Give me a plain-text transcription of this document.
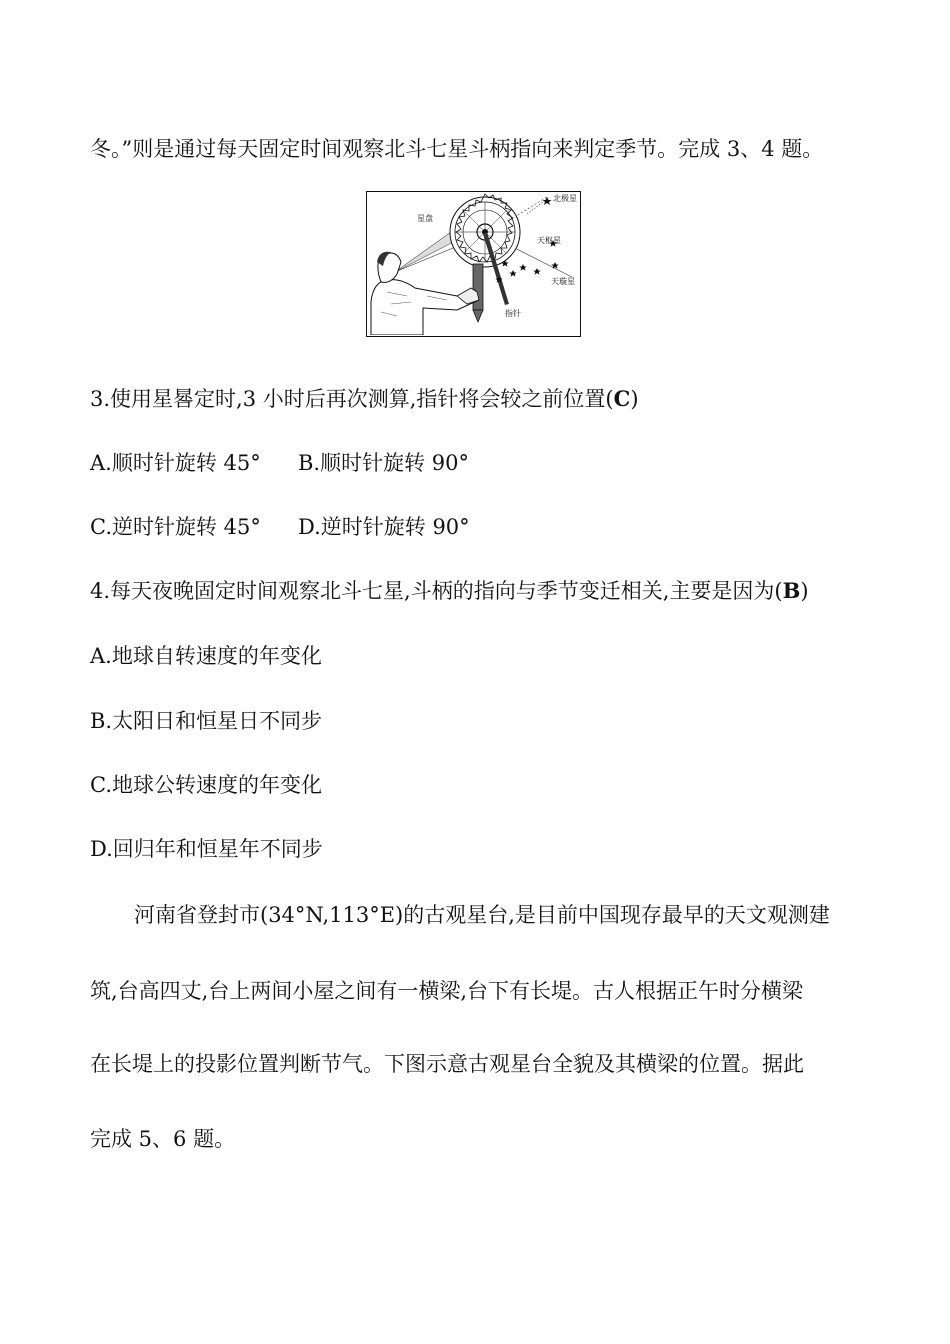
冬。”则是通过每天固定时间观察北斗七星斗柄指向来判定季节。完成 3、4 题。
星盘
北极星
天枢星
天璇星
指针
3.使用星晷定时,3 小时后再次测算,指针将会较之前位置(C)
A.顺时针旋转 45° B.顺时针旋转 90°
C.逆时针旋转 45° D.逆时针旋转 90°
4.每天夜晚固定时间观察北斗七星,斗柄的指向与季节变迁相关,主要是因为(B)
A.地球自转速度的年变化
B.太阳日和恒星日不同步
C.地球公转速度的年变化
D.回归年和恒星年不同步
河南省登封市(34°N,113°E)的古观星台,是目前中国现存最早的天文观测建
筑,台高四丈,台上两间小屋之间有一横梁,台下有长堤。古人根据正午时分横梁
在长堤上的投影位置判断节气。下图示意古观星台全貌及其横梁的位置。据此
完成 5、6 题。
